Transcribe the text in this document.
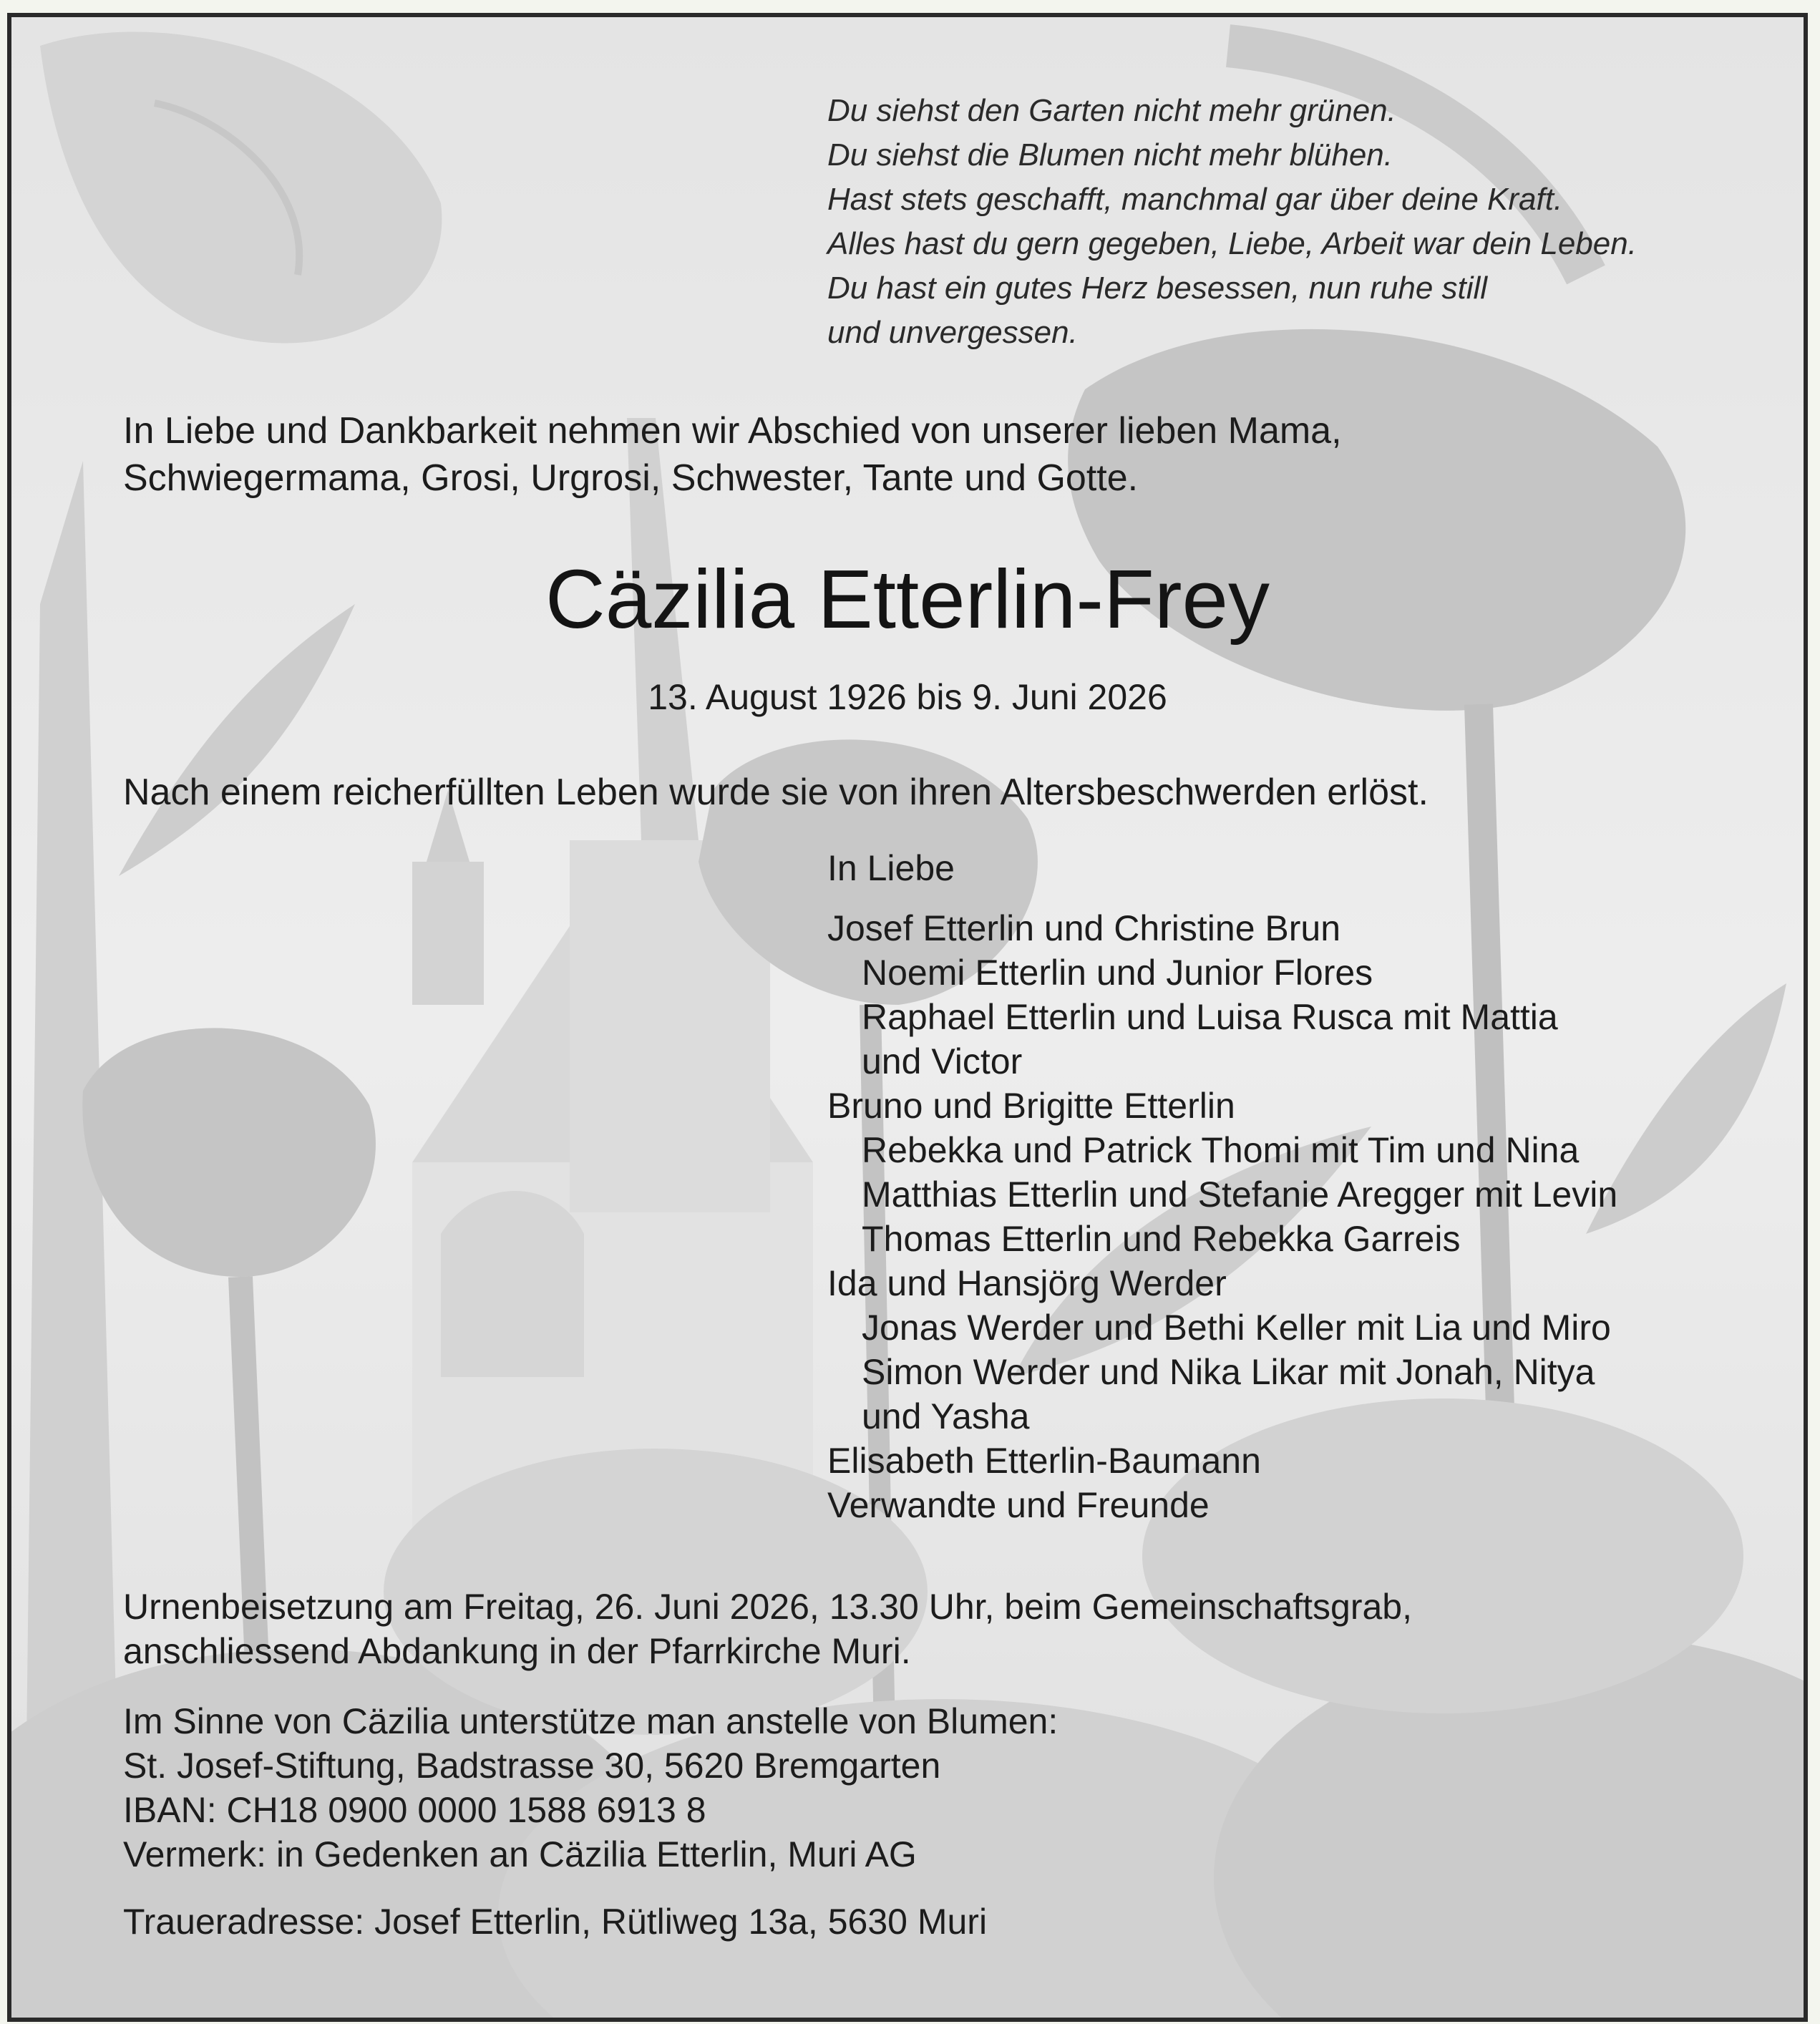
Du siehst den Garten nicht mehr grünen.
Du siehst die Blumen nicht mehr blühen.
Hast stets geschafft, manchmal gar über deine Kraft.
Alles hast du gern gegeben, Liebe, Arbeit war dein Leben.
Du hast ein gutes Herz besessen, nun ruhe still
und unvergessen.
In Liebe und Dankbarkeit nehmen wir Abschied von unserer lieben Mama,
Schwiegermama, Grosi, Urgrosi, Schwester, Tante und Gotte.
Cäzilia Etterlin-Frey
13. August 1926 bis 9. Juni 2026
Nach einem reicherfüllten Leben wurde sie von ihren Altersbeschwerden erlöst.
In Liebe
Josef Etterlin und Christine Brun
Noemi Etterlin und Junior Flores
Raphael Etterlin und Luisa Rusca mit Mattia
und Victor
Bruno und Brigitte Etterlin
Rebekka und Patrick Thomi mit Tim und Nina
Matthias Etterlin und Stefanie Aregger mit Levin
Thomas Etterlin und Rebekka Garreis
Ida und Hansjörg Werder
Jonas Werder und Bethi Keller mit Lia und Miro
Simon Werder und Nika Likar mit Jonah, Nitya
und Yasha
Elisabeth Etterlin-Baumann
Verwandte und Freunde
Urnenbeisetzung am Freitag, 26. Juni 2026, 13.30 Uhr, beim Gemeinschaftsgrab,
anschliessend Abdankung in der Pfarrkirche Muri.
Im Sinne von Cäzilia unterstütze man anstelle von Blumen:
St. Josef-Stiftung, Badstrasse 30, 5620 Bremgarten
IBAN: CH18 0900 0000 1588 6913 8
Vermerk: in Gedenken an Cäzilia Etterlin, Muri AG
Traueradresse: Josef Etterlin, Rütliweg 13a, 5630 Muri
